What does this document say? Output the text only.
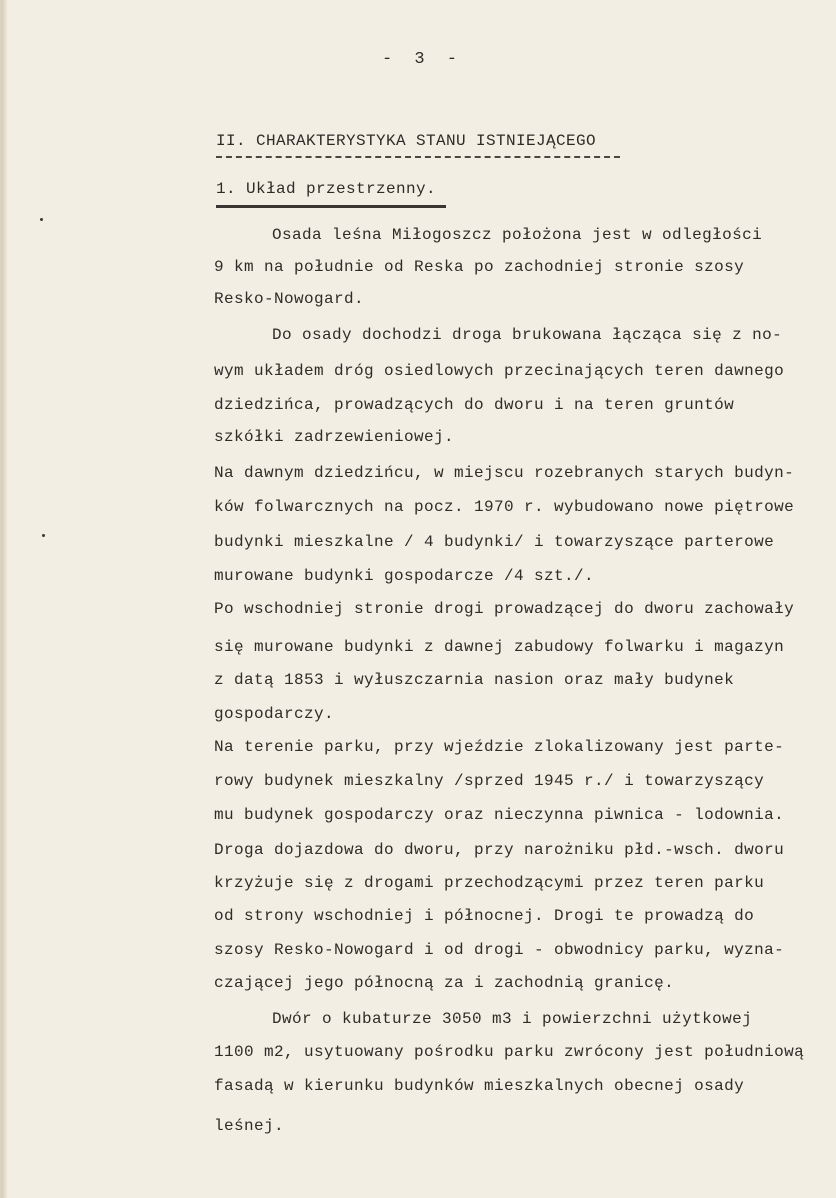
- 3 -
II. CHARAKTERYSTYKA STANU ISTNIEJĄCEGO
1. Układ przestrzenny.
Osada leśna Miłogoszcz położona jest w odległości
9 km na południe od Reska po zachodniej stronie szosy
Resko-Nowogard.
Do osady dochodzi droga brukowana łącząca się z no-
wym układem dróg osiedlowych przecinających teren dawnego
dziedzińca, prowadzących do dworu i na teren gruntów
szkółki zadrzewieniowej.
Na dawnym dziedzińcu, w miejscu rozebranych starych budyn-
ków folwarcznych na pocz. 1970 r. wybudowano nowe piętrowe
budynki mieszkalne / 4 budynki/ i towarzyszące parterowe
murowane budynki gospodarcze /4 szt./.
Po wschodniej stronie drogi prowadzącej do dworu zachowały
się murowane budynki z dawnej zabudowy folwarku i magazyn
z datą 1853 i wyłuszczarnia nasion oraz mały budynek
gospodarczy.
Na terenie parku, przy wjeździe zlokalizowany jest parte-
rowy budynek mieszkalny /sprzed 1945 r./ i towarzyszący
mu budynek gospodarczy oraz nieczynna piwnica - lodownia.
Droga dojazdowa do dworu, przy narożniku płd.-wsch. dworu
krzyżuje się z drogami przechodzącymi przez teren parku
od strony wschodniej i północnej. Drogi te prowadzą do
szosy Resko-Nowogard i od drogi - obwodnicy parku, wyzna-
czającej jego północną za i zachodnią granicę.
Dwór o kubaturze 3050 m3 i powierzchni użytkowej
1100 m2, usytuowany pośrodku parku zwrócony jest południową
fasadą w kierunku budynków mieszkalnych obecnej osady
leśnej.
